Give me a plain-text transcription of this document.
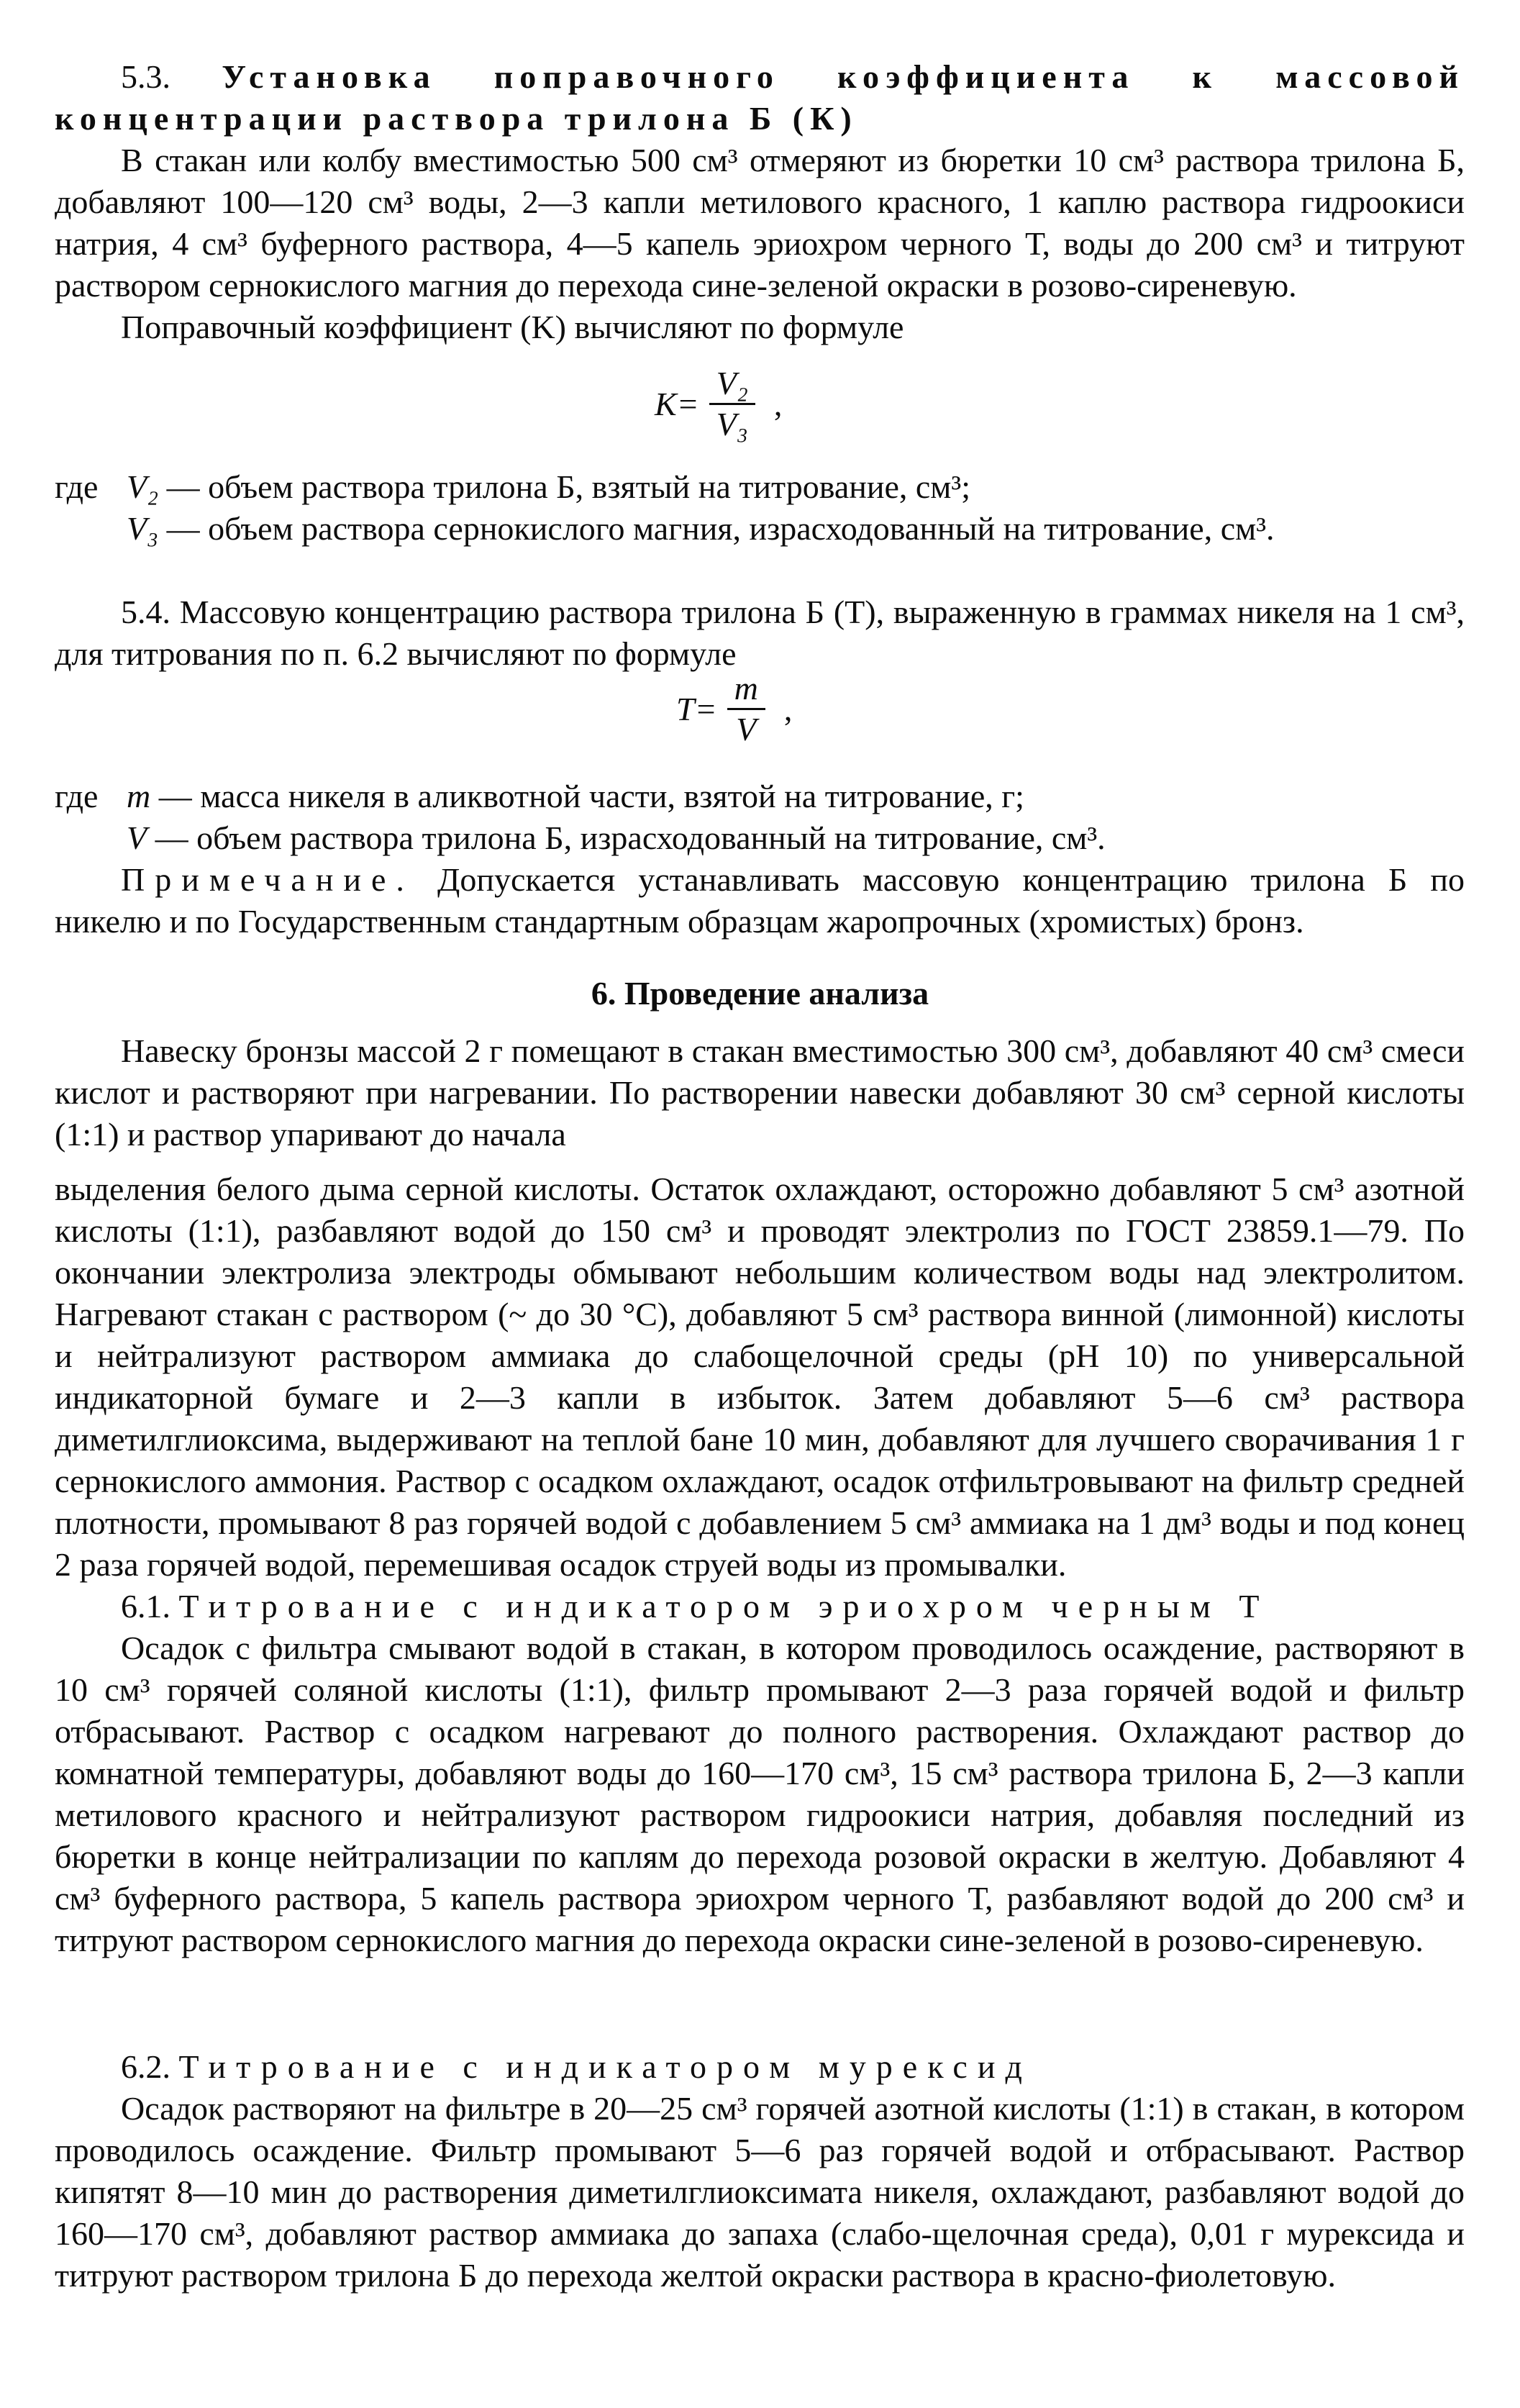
5.3. Установка поправочного коэффициента к массовой концентрации раствора трилона Б (К)
В стакан или колбу вместимостью 500 см³ отмеряют из бюретки 10 см³ раствора трилона Б, добавляют 100—120 см³ воды, 2—3 капли метилового красного, 1 каплю раствора гидроокиси натрия, 4 см³ буферного раствора, 4—5 капель эриохром черного Т, воды до 200 см³ и титруют раствором сернокислого магния до перехода сине-зеленой окраски в розово-сиреневую.
Поправочный коэффициент (K) вычисляют по формуле
$K= \frac{\text{V₂}}{\text{V₃}}$ ,
где V₂ — объем раствора трилона Б, взятый на титрование, см³;
V₃ — объем раствора сернокислого магния, израсходованный на титрование, см³.
5.4. Массовую концентрацию раствора трилона Б (T), выраженную в граммах никеля на 1 см³, для титрования по п. 6.2 вычисляют по формуле
$T= \frac{m}{V}$ ,
где m — масса никеля в аликвотной части, взятой на титрование, г;
V — объем раствора трилона Б, израсходованный на титрование, см³.
Примечание. Допускается устанавливать массовую концентрацию трилона Б по никелю и по Государственным стандартным образцам жаропрочных (хромистых) бронз.
6. Проведение анализа
Навеску бронзы массой 2 г помещают в стакан вместимостью 300 см³, добавляют 40 см³ смеси кислот и растворяют при нагревании. По растворении навески добавляют 30 см³ серной кислоты (1:1) и раствор упаривают до начала
выделения белого дыма серной кислоты. Остаток охлаждают, осторожно добавляют 5 см³ азотной кислоты (1:1), разбавляют водой до 150 см³ и проводят электролиз по ГОСТ 23859.1—79. По окончании электролиза электроды обмывают небольшим количеством воды над электролитом. Нагревают стакан с раствором (~ до 30 °С), добавляют 5 см³ раствора винной (лимонной) кислоты и нейтрализуют раствором аммиака до слабощелочной среды (рН 10) по универсальной индикаторной бумаге и 2—3 капли в избыток. Затем добавляют 5—6 см³ раствора диметилглиоксима, выдерживают на теплой бане 10 мин, добавляют для лучшего сворачивания 1 г сернокислого аммония. Раствор с осадком охлаждают, осадок отфильтровывают на фильтр средней плотности, промывают 8 раз горячей водой с добавлением 5 см³ аммиака на 1 дм³ воды и под конец 2 раза горячей водой, перемешивая осадок струей воды из промывалки.
6.1. Титрование с индикатором эриохром черным Т
Осадок с фильтра смывают водой в стакан, в котором проводилось осаждение, растворяют в 10 см³ горячей соляной кислоты (1:1), фильтр промывают 2—3 раза горячей водой и фильтр отбрасывают. Раствор с осадком нагревают до полного растворения. Охлаждают раствор до комнатной температуры, добавляют воды до 160—170 см³, 15 см³ раствора трилона Б, 2—3 капли метилового красного и нейтрализуют раствором гидроокиси натрия, добавляя последний из бюретки в конце нейтрализации по каплям до перехода розовой окраски в желтую. Добавляют 4 см³ буферного раствора, 5 капель раствора эриохром черного Т, разбавляют водой до 200 см³ и титруют раствором сернокислого магния до перехода окраски сине-зеленой в розово-сиреневую.
6.2. Титрование с индикатором мурексид
Осадок растворяют на фильтре в 20—25 см³ горячей азотной кислоты (1:1) в стакан, в котором проводилось осаждение. Фильтр промывают 5—6 раз горячей водой и отбрасывают. Раствор кипятят 8—10 мин до растворения диметилглиоксимата никеля, охлаждают, разбавляют водой до 160—170 см³, добавляют раствор аммиака до запаха (слабо-щелочная среда), 0,01 г мурексида и титруют раствором трилона Б до перехода желтой окраски раствора в красно-фиолетовую.
